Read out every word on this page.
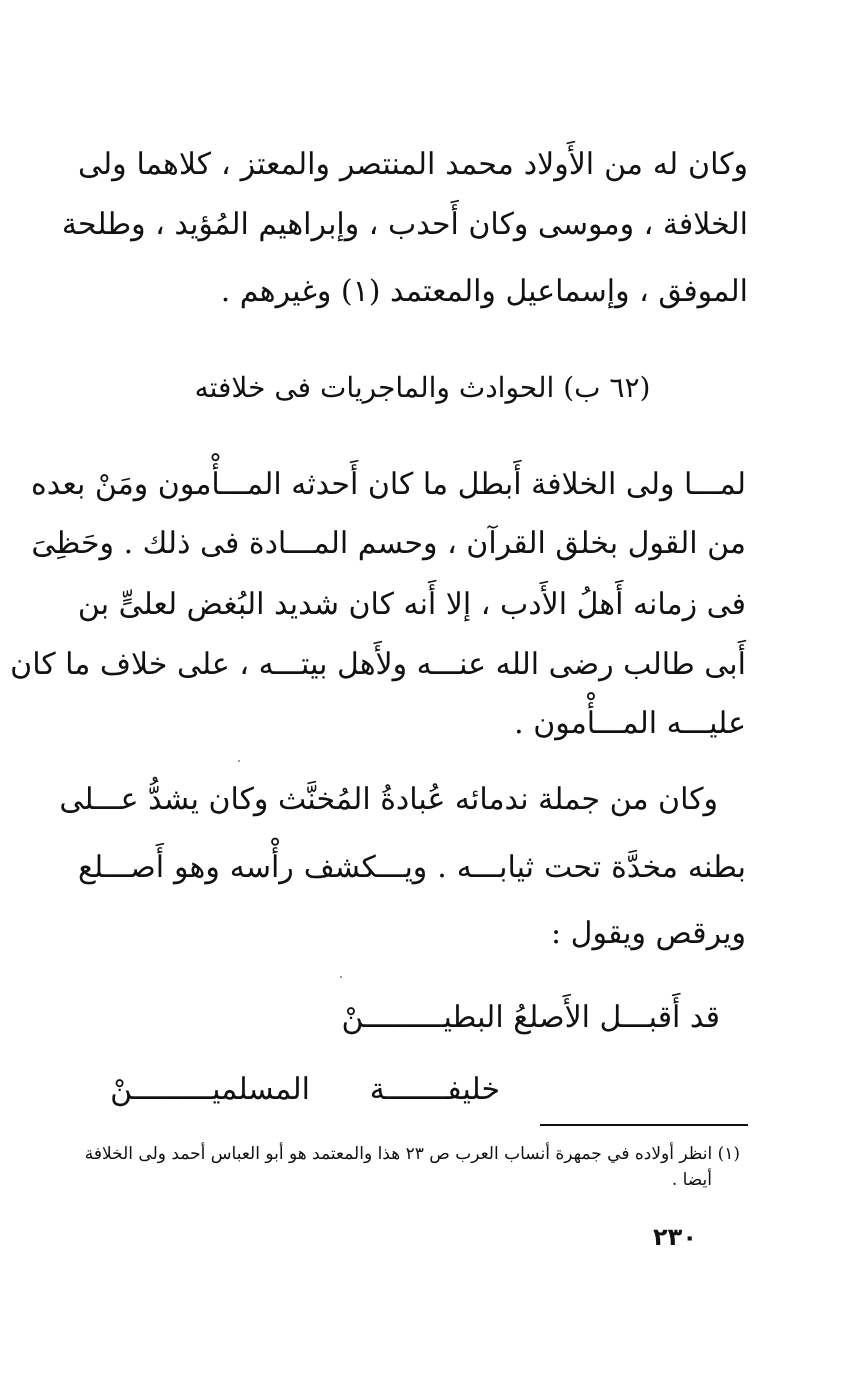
وكان له من الأَولاد محمد المنتصر والمعتز ، كلاهما ولى
الخلافة ، وموسى وكان أَحدب ، وإبراهيم المُؤيد ، وطلحة
الموفق ، وإسماعيل والمعتمد (١) وغيرهم .
(٦٢ ب) الحوادث والماجريات فى خلافته
لمـــا ولى الخلافة أَبطل ما كان أَحدثه المـــأْمون ومَنْ بعده
من القول بخلق القرآن ، وحسم المـــادة فى ذلك . وحَظِىَ
فى زمانه أَهلُ الأَدب ، إلا أَنه كان شديد البُغض لعلىٍّ بن
أَبى طالب رضى الله عنـــه ولأَهل بيتـــه ، على خلاف ما كان
عليـــه المـــأْمون .
وكان من جملة ندمائه عُبادةُ المُخنَّث وكان يشدُّ عـــلى
بطنه مخدَّة تحت ثيابـــه . ويـــكشف رأْسه وهو أَصـــلع
ويرقص ويقول :
قد أَقبـــل الأَصلعُ البطيـــــــــنْ
خليفـــــــة
المسلميـــــــــنْ
(١) انظر أولاده في جمهرة أنساب العرب ص ٢٣ هذا والمعتمد هو أبو العباس أحمد ولى الخلافة
أيضا .
٢٣٠
